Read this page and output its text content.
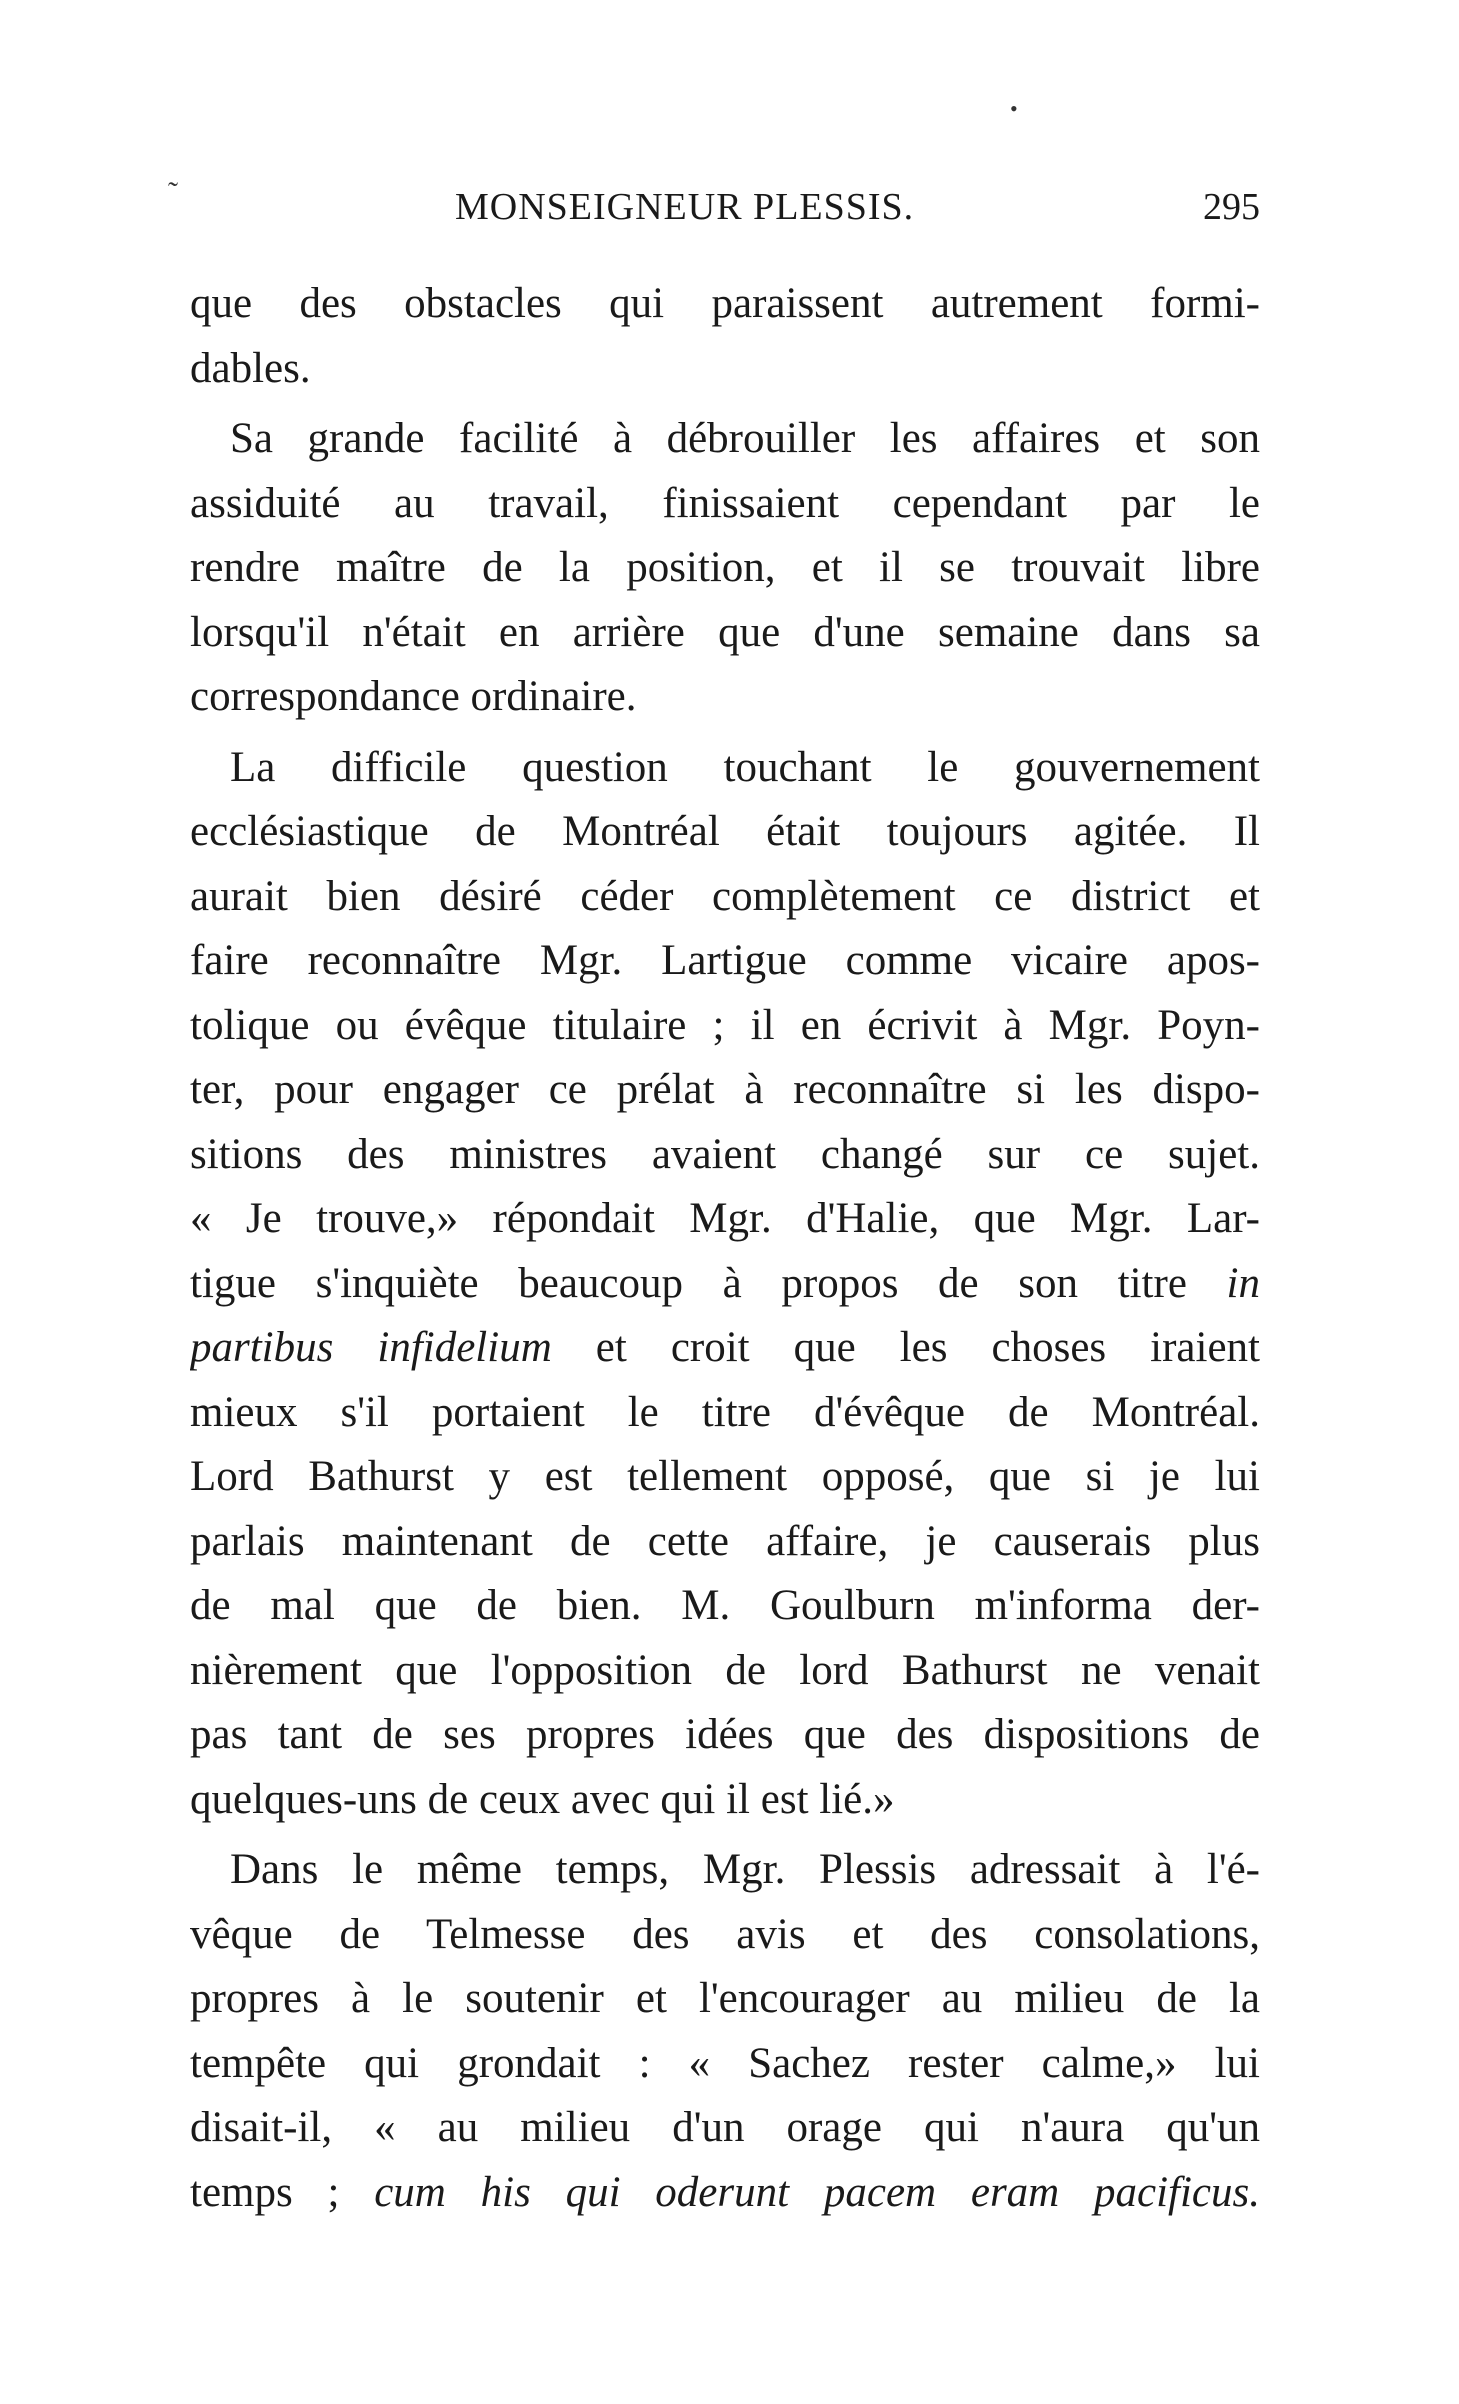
MONSEIGNEUR PLESSIS.	295
que des obstacles qui paraissent autrement formi-
dables.
Sa grande facilité à débrouiller les affaires et son
assiduité au travail, finissaient cependant par le
rendre maître de la position, et il se trouvait libre
lorsqu'il n'était en arrière que d'une semaine dans sa
correspondance ordinaire.
La difficile question touchant le gouvernement
ecclésiastique de Montréal était toujours agitée. Il
aurait bien désiré céder complètement ce district et
faire reconnaître Mgr. Lartigue comme vicaire apos-
tolique ou évêque titulaire ; il en écrivit à Mgr. Poyn-
ter, pour engager ce prélat à reconnaître si les dispo-
sitions des ministres avaient changé sur ce sujet.
« Je trouve,» répondait Mgr. d'Halie, que Mgr. Lar-
tigue s'inquiète beaucoup à propos de son titre in
partibus infidelium et croit que les choses iraient
mieux s'il portaient le titre d'évêque de Montréal.
Lord Bathurst y est tellement opposé, que si je lui
parlais maintenant de cette affaire, je causerais plus
de mal que de bien. M. Goulburn m'informa der-
nièrement que l'opposition de lord Bathurst ne venait
pas tant de ses propres idées que des dispositions de
quelques-uns de ceux avec qui il est lié.»
Dans le même temps, Mgr. Plessis adressait à l'é-
vêque de Telmesse des avis et des consolations,
propres à le soutenir et l'encourager au milieu de la
tempête qui grondait : « Sachez rester calme,» lui
disait-il, « au milieu d'un orage qui n'aura qu'un
temps ; cum his qui oderunt pacem eram pacificus.
˜
•
